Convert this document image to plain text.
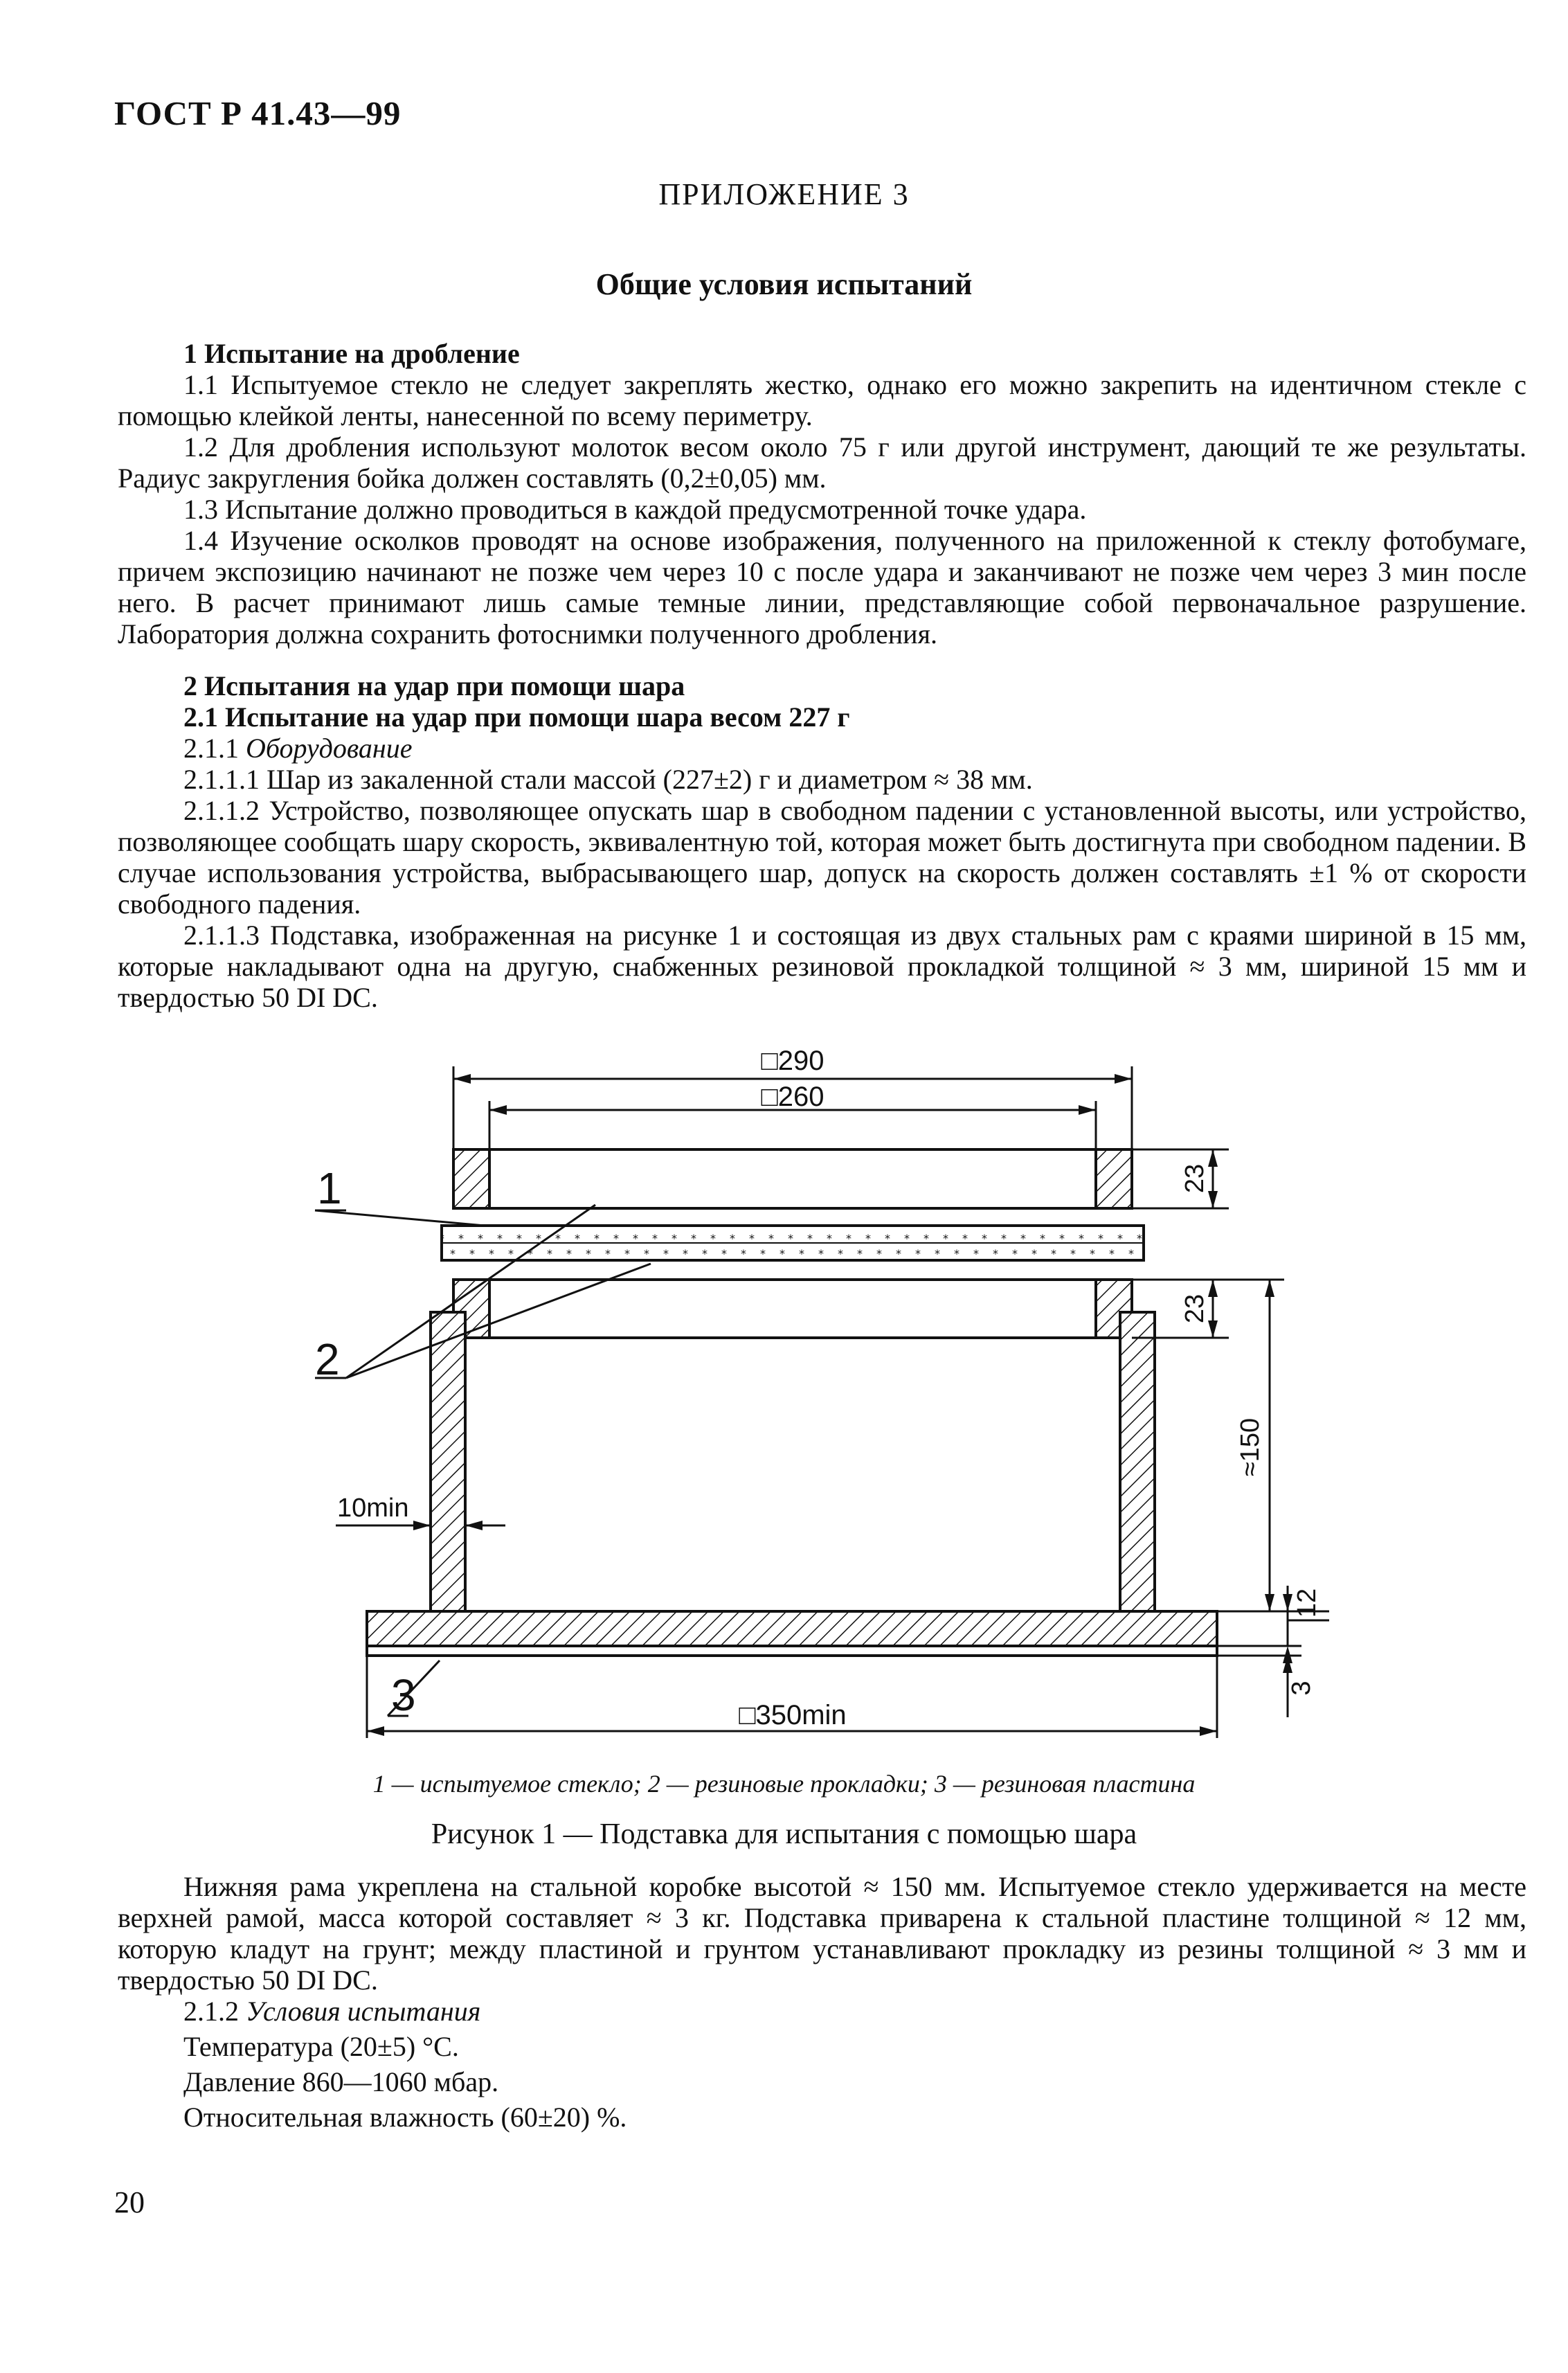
ГОСТ Р 41.43—99
ПРИЛОЖЕНИЕ 3
Общие условия испытаний

1 Испытание на дробление

1.1 Испытуемое стекло не следует закреплять жестко, однако его можно закрепить на идентичном стекле с помощью клейкой ленты, нанесенной по всему периметру.

1.2 Для дробления используют молоток весом около 75 г или другой инструмент, дающий те же результаты. Радиус закругления бойка должен составлять (0,2±0,05) мм.

1.3 Испытание должно проводиться в каждой предусмотренной точке удара.

1.4 Изучение осколков проводят на основе изображения, полученного на приложенной к стеклу фотобумаге, причем экспозицию начинают не позже чем через 10 с после удара и заканчивают не позже чем через 3 мин после него. В расчет принимают лишь самые темные линии, представляющие собой первоначальное разрушение. Лаборатория должна сохранить фотоснимки полученного дробления.

2 Испытания на удар при помощи шара

2.1 Испытание на удар при помощи шара весом 227 г

2.1.1 Оборудование

2.1.1.1 Шар из закаленной стали массой (227±2) г и диаметром ≈ 38 мм.

2.1.1.2 Устройство, позволяющее опускать шар в свободном падении с установленной высоты, или устройство, позволяющее сообщать шару скорость, эквивалентную той, которая может быть достигнута при свободном падении. В случае использования устройства, выбрасывающего шар, допуск на скорость должен составлять ±1 % от скорости свободного падения.

2.1.1.3 Подставка, изображенная на рисунке 1 и состоящая из двух стальных рам с краями шириной в 15 мм, которые накладывают одна на другую, снабженных резиновой прокладкой толщиной ≈ 3 мм, шириной 15 мм и твердостью 50 DI DC.

□290
□260
23
23
≈150
12
3
10min
□350min
1
2
3
1 — испытуемое стекло; 2 — резиновые прокладки; 3 — резиновая пластина
Рисунок 1 — Подставка для испытания с помощью шара

Нижняя рама укреплена на стальной коробке высотой ≈ 150 мм. Испытуемое стекло удерживается на месте верхней рамой, масса которой составляет ≈ 3 кг. Подставка приварена к стальной пластине толщиной ≈ 12 мм, которую кладут на грунт; между пластиной и грунтом устанавливают прокладку из резины толщиной ≈ 3 мм и твердостью 50 DI DC.

2.1.2 Условия испытания

Температура (20±5) °С.

Давление 860—1060 мбар.

Относительная влажность (60±20) %.

20
